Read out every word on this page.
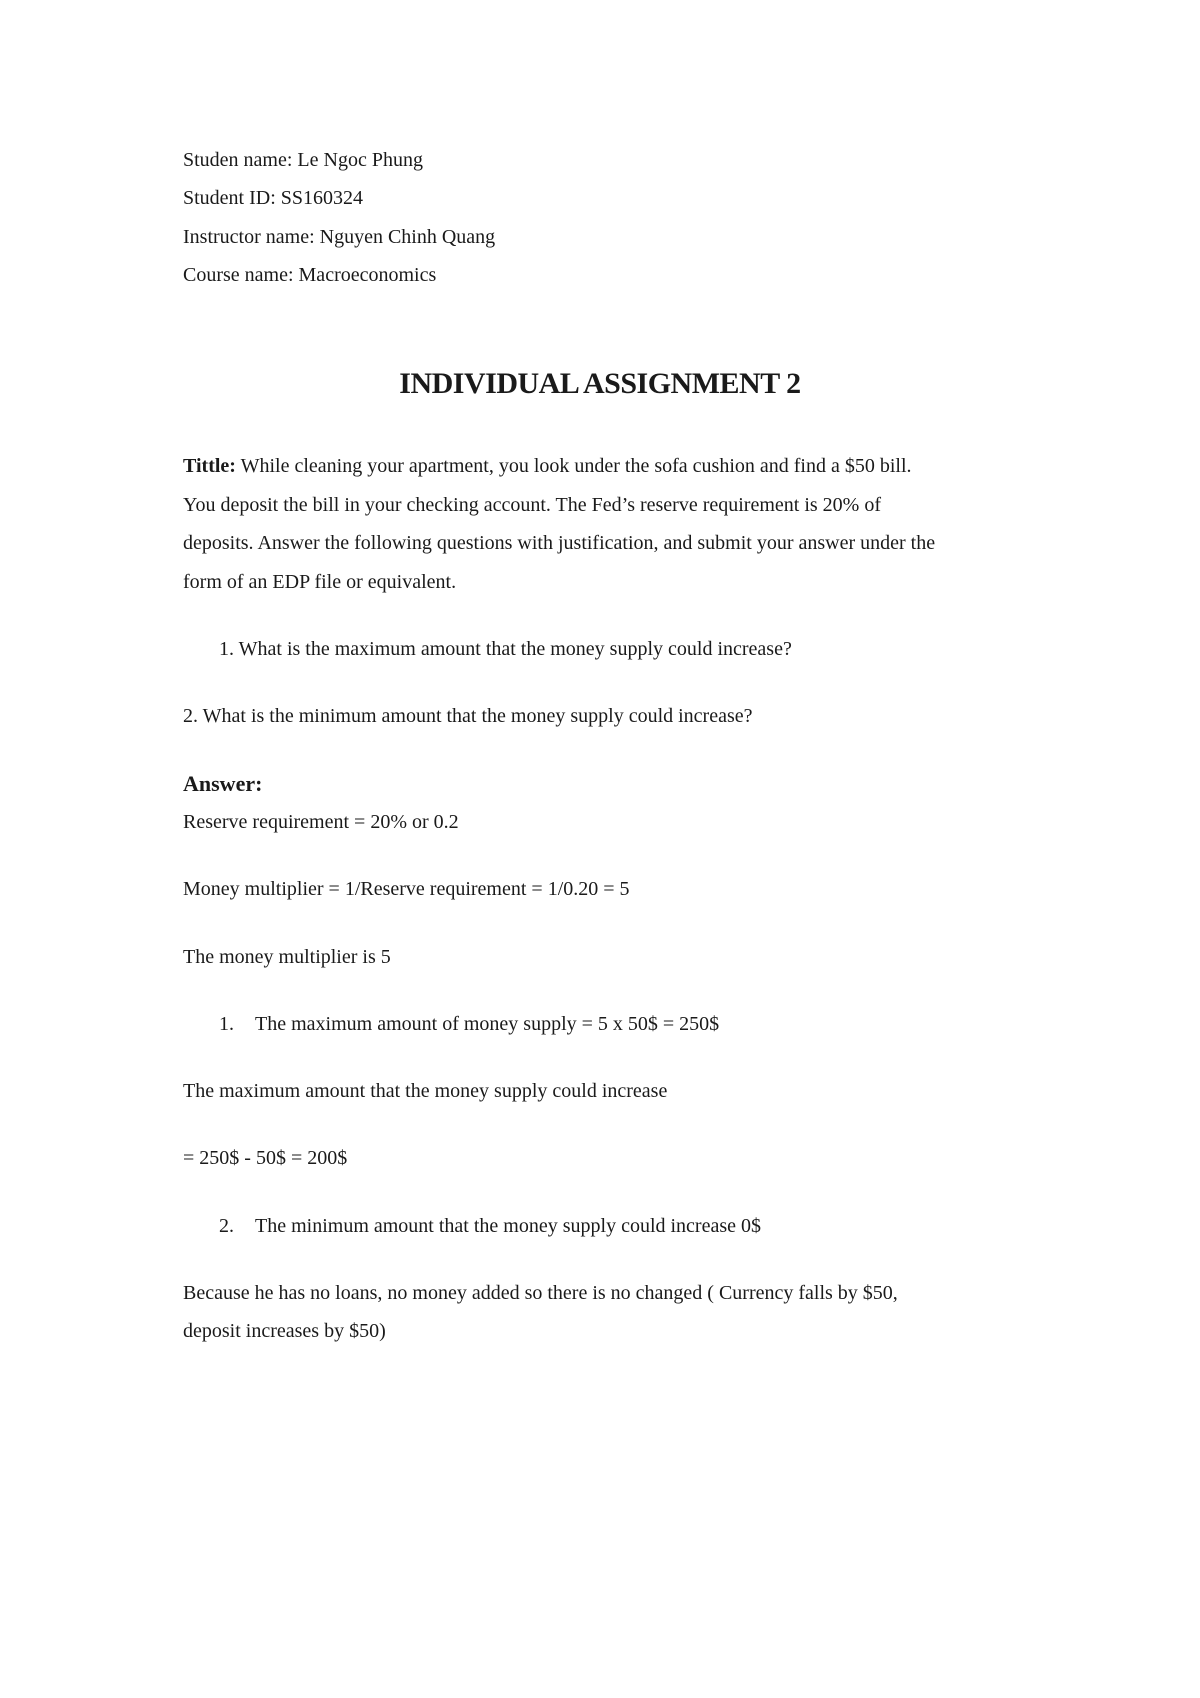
Studen name: Le Ngoc Phung
Student ID: SS160324
Instructor name: Nguyen Chinh Quang
Course name: Macroeconomics
INDIVIDUAL ASSIGNMENT 2
Tittle: While cleaning your apartment, you look under the sofa cushion and find a $50 bill.
You deposit the bill in your checking account. The Fed’s reserve requirement is 20% of
deposits. Answer the following questions with justification, and submit your answer under the
form of an EDP file or equivalent.
1. What is the maximum amount that the money supply could increase?
2. What is the minimum amount that the money supply could increase?
Answer:
Reserve requirement = 20% or 0.2
Money multiplier = 1/Reserve requirement = 1/0.20 = 5
The money multiplier is 5
1. The maximum amount of money supply = 5 x 50$ = 250$
The maximum amount that the money supply could increase
= 250$ - 50$ = 200$
2. The minimum amount that the money supply could increase 0$
Because he has no loans, no money added so there is no changed ( Currency falls by $50,
deposit increases by $50)
